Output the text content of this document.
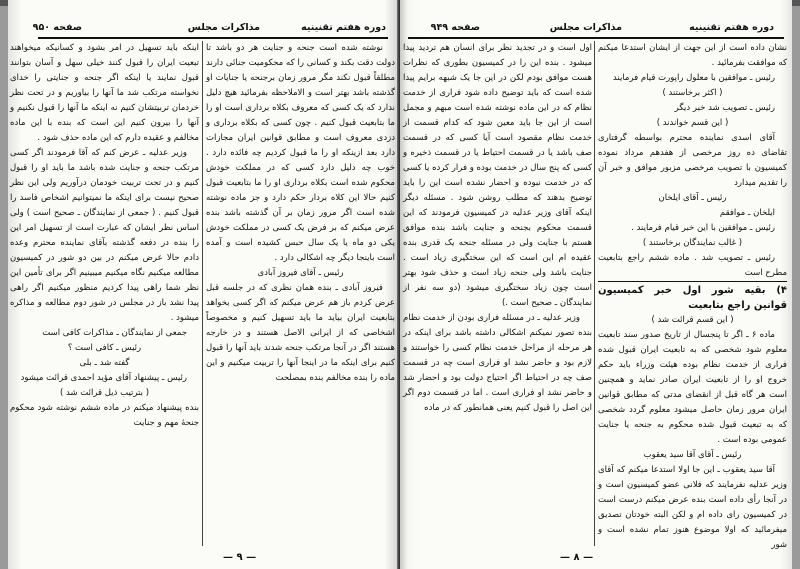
دوره هفتم تقنینیه
مذاکرات مجلس
صفحه ۹۵۰

نوشته شده است جنحه و جنایت هر دو باشد تا دولت دقت بکند و کسانی را که محکومیت جنائی دارند مطلقاً قبول نکند مگر مرور زمان برجنحه یا جنایات او گذشته باشد بهتر است و الاملاحظه بفرمائید هیچ دلیل ندارد که یک کسی که معروف بکلاه برداری است او را ما بتابعیت قبول کنیم . چون کسی که بکلاه برداری و دزدی معروف است و مطابق قوانین ایران مجازات دارد بعد ازینکه او را ما قبول کردیم چه فائده دارد . خوب چه دلیل دارد کسی که در مملکت خودش محکوم شده است بکلاه برداری او را ما بتابعیت قبول کنیم حالا این کلاه بردار حکم دارد و جز ماده نوشته شده است اگر مرور زمان بر آن گذشته باشد بنده عرض میکنم که بر فرض یک کسی در مملکت خودش یکی دو ماه یا یک سال حبس کشیده است و آمده است باینجا دیگر چه اشکالی دارد .

رئیس ـ آقای فیروز آبادی

فیروز آبادی ـ بنده همان نظری که در جلسه قبل عرض کردم باز هم عرض میکنم که اگر کسی بخواهد بتابعیت ایران بیاید ما باید تسهیل کنیم و مخصوصاً اشخاصی که از ایرانی الاصل هستند و در خارجه هستند اگر در آنجا مرتکب جنحه شدند باید آنها را قبول کنیم برای اینکه ما در اینجا آنها را تربیت میکنیم و این ماده را بنده مخالفم بنده بمصلحت

اینکه باید تسهیل در امر بشود و کسانیکه میخواهند تبعیت ایران را قبول کنند خیلی سهل و آسان بتوانند قبول نمایند یا اینکه اگر جنحه و جنایتی را خدای نخواسته مرتکب شد ما آنها را بیاوریم و در تحت نظر خردمان تربیتشان کنیم نه اینکه ما آنها را قبول نکنیم و آنها را بیرون کنیم این است که بنده با این ماده مخالفم و عقیده دارم که این ماده حذف شود .

وزیر عدلیه ـ عرض کنم که آقا فرمودند اگر کسی مرتکب جنحه و جنایت شده باشد ما باید او را قبول کنیم و در تحت تربیت خودمان درآوریم ولی این نظر صحیح نیست برای اینکه ما نمیتوانیم اشخاص فاسد را قبول کنیم . ( جمعی از نمایندگان ـ صحیح است ) ولی اساس نظر ایشان که عبارت است از تسهیل امر این را بنده در دفعه گذشته بآقای نماینده محترم وعده دادم حالا عرض میکنم در بین دو شور در کمیسیون مطالعه میکنیم نگاه میکنیم میبینیم اگر برای تأمین این نظر شما راهی پیدا کردیم منظور میکنیم اگر راهی پیدا نشد باز در مجلس در شور دوم مطالعه و مذاکره میشود .

جمعی از نمایندگان ـ مذاکرات کافی است

رئیس ـ کافی است ؟

گفته شد ـ بلی

رئیس ـ پیشنهاد آقای مؤید احمدی قرائت میشود

( بترتیب ذیل قرائت شد )

بنده پیشنهاد میکنم در ماده ششم نوشته شود محکوم جنحهٔ مهم و جنایت

— ۹ —
دوره هفتم تقنینیه
مذاکرات مجلس
صفحه ۹۴۹

نشان داده است از این جهت از ایشان استدعا میکنم که موافقت بفرمائید .

رئیس ـ موافقین با معلول راپورت قیام فرمایند

( اکثر برخاستند )

رئیس ـ تصویب شد خبر دیگر

( این قسم خواندند )

آقای اسدی نماینده محترم بواسطه گرفتاری تقاضای ده روز مرخصی از هفدهم مرداد نموده کمیسیون با تصویب مرخصی مزبور موافق و خبر آن را تقدیم میدارد

رئیس ـ آقای ایلخان

ایلخان ـ موافقم

رئیس ـ موافقین با این خبر قیام فرمایند .

( غالب نمایندگان برخاستند )

رئیس ـ تصویب شد . ماده ششم راجع بتابعیت مطرح است

۴) بقیه شور اول خبر کمیسیون قوانین راجع بتابعیت

( این قسم قرائت شد )

ماده ۶ ـ اگر تا پنجسال از تاریخ صدور سند تابعیت معلوم شود شخصی که به تابعیت ایران قبول شده فراری از خدمت نظام بوده هیئت وزراء باید حکم خروج او را از تابعیت ایران صادر نماید و همچنین است هر گاه قبل از انقضای مدتی که مطابق قوانین ایران مرور زمان حاصل میشود معلوم گردد شخصی که به تبعیت قبول شده محکوم به جنحه یا جنایت عمومی بوده است .

رئیس ـ آقای آقا سید یعقوب

آقا سید یعقوب ـ این جا اولا استدعا میکنم که آقای وزیر عدلیه نفرمایند که فلانی عضو کمیسیون است و در آنجا رأی داده است بنده عرض میکنم درست است در کمیسیون رای داده ام و لکن البته خودتان تصدیق میفرمائید که اولا موضوع هنوز تمام نشده است و شور

اول است و در تجدید نظر برای انسان هم تردید پیدا میشود . بنده این را در کمیسیون بطوری که نظرات هست موافق بودم لکن در این جا یک شبهه برایم پیدا شده است که باید توضیح داده شود فراری از خدمت نظام که در این ماده نوشته شده است مبهم و مجمل است از این جا باید معین شود که کدام قسمت از خدمت نظام مقصود است آیا کسی که در قسمت صف باشد یا در قسمت احتیاط یا در قسمت ذخیره و کسی که پنج سال در خدمت بوده و فرار کرده یا کسی که در خدمت نبوده و احضار نشده است این را باید توضیح بدهند که مطلب روشن شود . مسئله دیگر اینکه آقای وزیر عدلیه در کمیسیون فرمودند که این قسمت محکوم بجنحه و جنایت باشد بنده موافق هستم با جنایت ولی در مسئله جنحه یک قدری بنده عقیده ام این است که این سختگیری زیاد است . جنایت باشد ولی جنحه زیاد است و حذف شود بهتر است چون زیاد سختگیری میشود (دو سه نفر از نمایندگان ـ صحیح است .)

وزیر عدلیه ـ در مسئله فراری بودن از خدمت نظام بنده تصور نمیکنم اشکالی داشته باشد برای اینکه در هر مرحله از مراحل خدمت نظام کسی را خواستند و لازم بود و حاضر نشد او فراری است چه در قسمت صف چه در احتیاط اگر احتیاج دولت بود و احضار شد و حاضر نشد او فراری است . اما در قسمت دوم اگر این اصل را قبول کنیم یعنی همانطور که در ماده

— ۸ —
